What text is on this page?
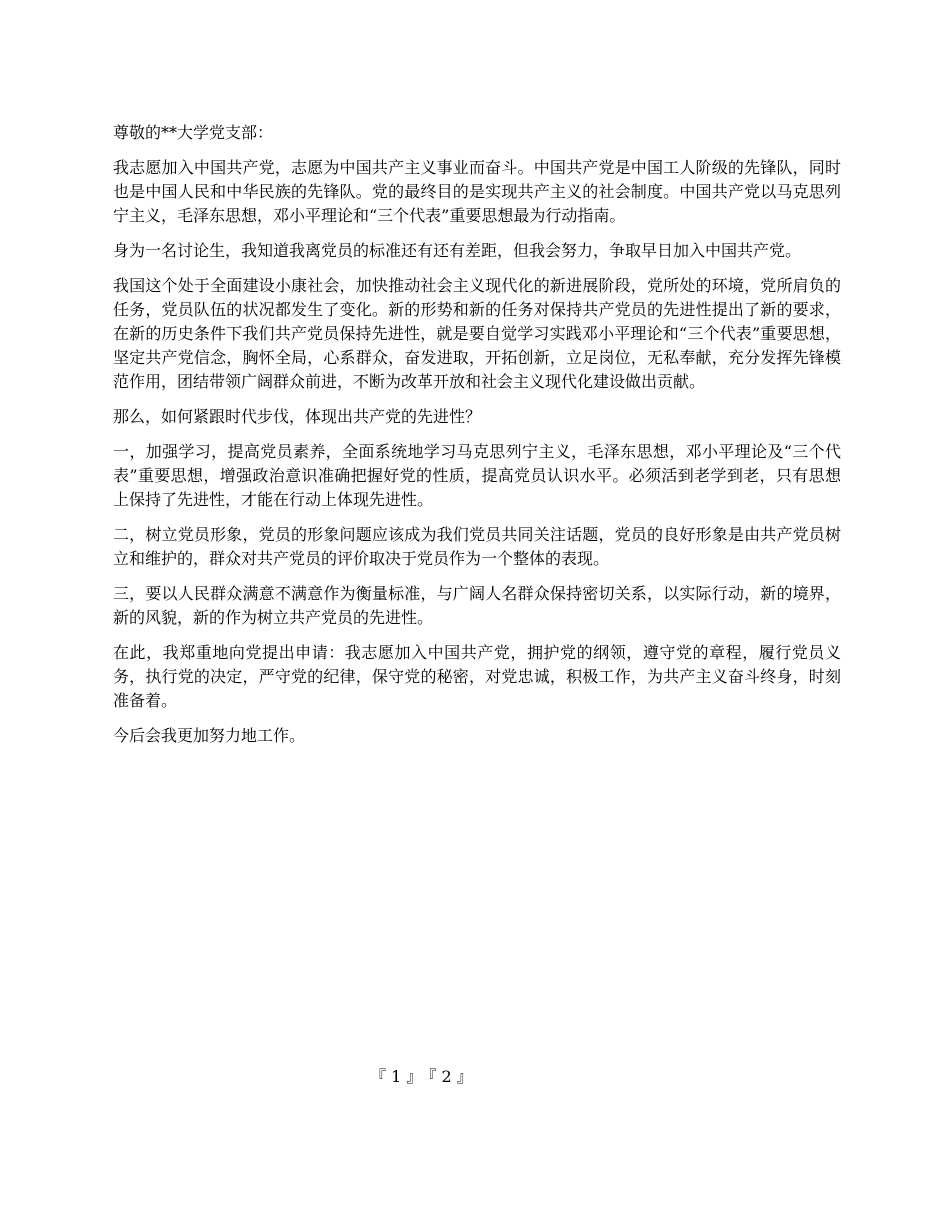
尊敬的**大学党支部：

我志愿加入中国共产党，志愿为中国共产主义事业而奋斗。中国共产党是中国工人阶级的先锋队，同时也是中国人民和中华民族的先锋队。党的最终目的是实现共产主义的社会制度。中国共产党以马克思列宁主义，毛泽东思想，邓小平理论和“三个代表”重要思想最为行动指南。

身为一名讨论生，我知道我离党员的标准还有还有差距，但我会努力，争取早日加入中国共产党。

我国这个处于全面建设小康社会，加快推动社会主义现代化的新进展阶段，党所处的环境，党所肩负的任务，党员队伍的状况都发生了变化。新的形势和新的任务对保持共产党员的先进性提出了新的要求，在新的历史条件下我们共产党员保持先进性，就是要自觉学习实践邓小平理论和“三个代表”重要思想，坚定共产党信念，胸怀全局，心系群众，奋发进取，开拓创新，立足岗位，无私奉献，充分发挥先锋模范作用，团结带领广阔群众前进，不断为改革开放和社会主义现代化建设做出贡献。

那么，如何紧跟时代步伐，体现出共产党的先进性？

一，加强学习，提高党员素养，全面系统地学习马克思列宁主义，毛泽东思想，邓小平理论及“三个代表”重要思想，增强政治意识准确把握好党的性质，提高党员认识水平。必须活到老学到老，只有思想上保持了先进性，才能在行动上体现先进性。

二，树立党员形象，党员的形象问题应该成为我们党员共同关注话题，党员的良好形象是由共产党员树立和维护的，群众对共产党员的评价取决于党员作为一个整体的表现。

三，要以人民群众满意不满意作为衡量标准，与广阔人名群众保持密切关系，以实际行动，新的境界，新的风貌，新的作为树立共产党员的先进性。

在此，我郑重地向党提出申请：我志愿加入中国共产党，拥护党的纲领，遵守党的章程，履行党员义务，执行党的决定，严守党的纪律，保守党的秘密，对党忠诚，积极工作，为共产主义奋斗终身，时刻准备着。

今后会我更加努力地工作。

『 1 』 『 2 』
